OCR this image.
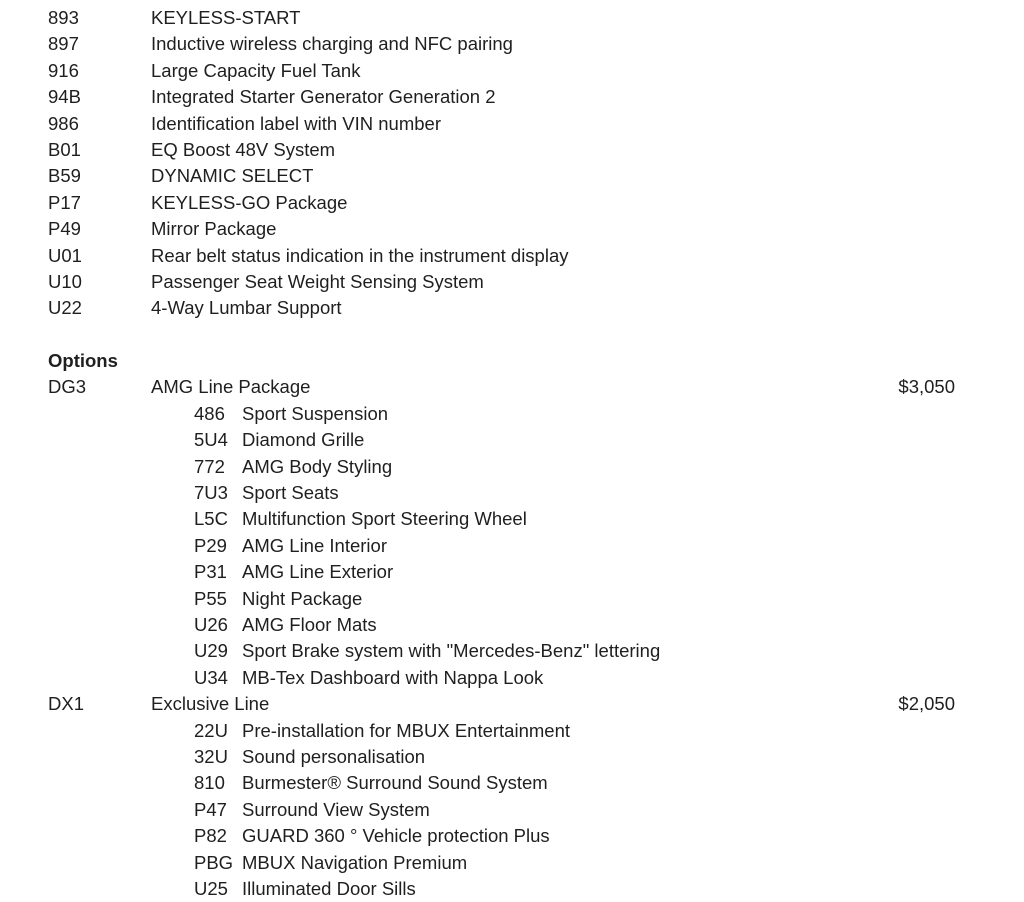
893	KEYLESS-START
897	Inductive wireless charging and NFC pairing
916	Large Capacity Fuel Tank
94B	Integrated Starter Generator Generation 2
986	Identification label with VIN number
B01	EQ Boost 48V System
B59	DYNAMIC SELECT
P17	KEYLESS-GO Package
P49	Mirror Package
U01	Rear belt status indication in the instrument display
U10	Passenger Seat Weight Sensing System
U22	4-Way Lumbar Support
Options
DG3	AMG Line Package	$3,050
486 Sport Suspension
5U4 Diamond Grille
772 AMG Body Styling
7U3 Sport Seats
L5C Multifunction Sport Steering Wheel
P29 AMG Line Interior
P31 AMG Line Exterior
P55 Night Package
U26 AMG Floor Mats
U29 Sport Brake system with "Mercedes-Benz" lettering
U34 MB-Tex Dashboard with Nappa Look
DX1	Exclusive Line	$2,050
22U Pre-installation for MBUX Entertainment
32U Sound personalisation
810 Burmester® Surround Sound System
P47 Surround View System
P82 GUARD 360 ° Vehicle protection Plus
PBG MBUX Navigation Premium
U25 Illuminated Door Sills
